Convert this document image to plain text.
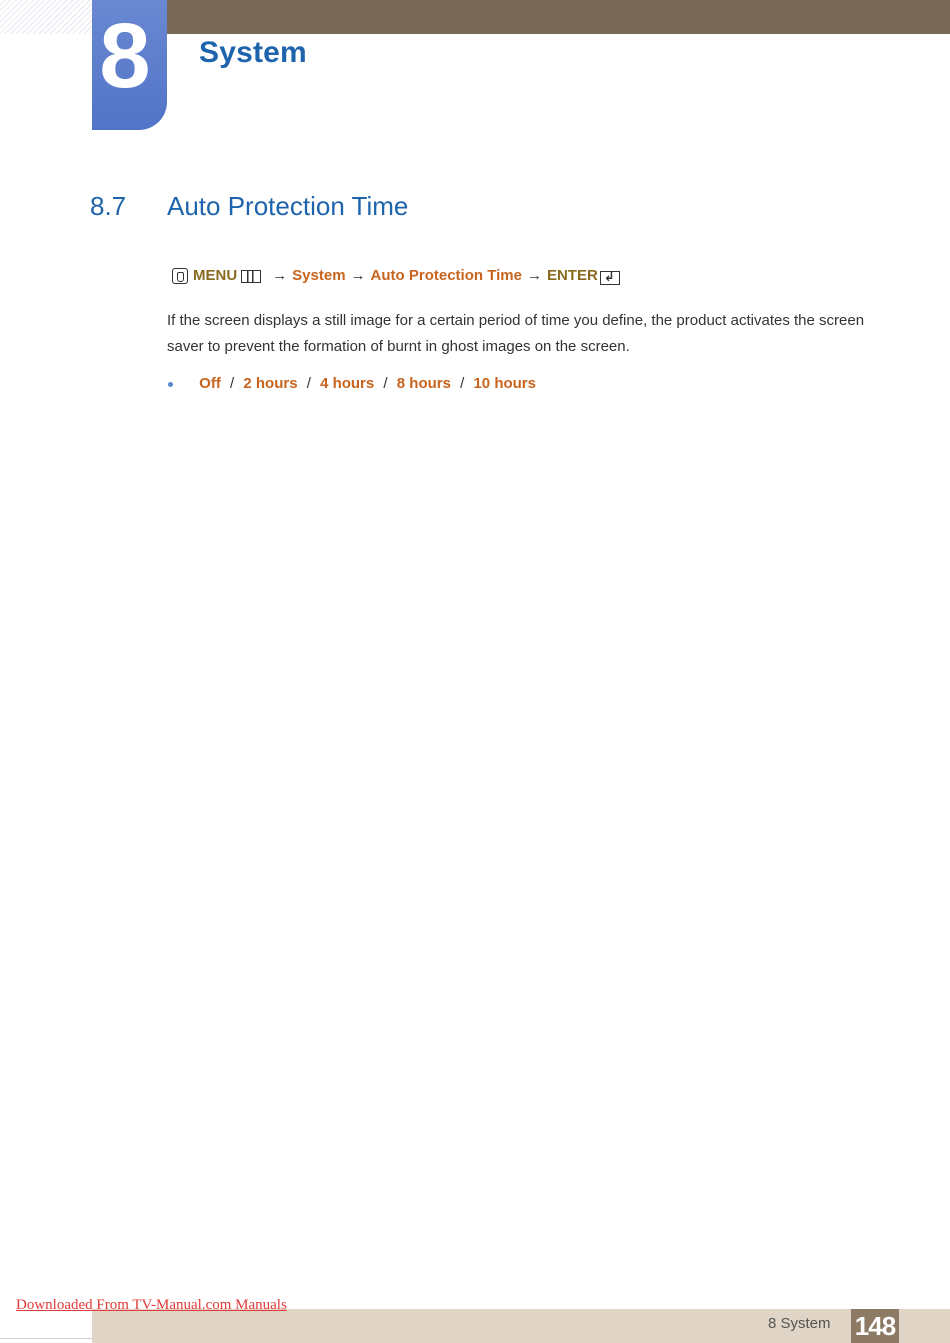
8 System
8.7 Auto Protection Time
MENU → System → Auto Protection Time → ENTER
↲
If the screen displays a still image for a certain period of time you define, the product activates the screen saver to prevent the formation of burnt in ghost images on the screen.
Off / 2 hours / 4 hours / 8 hours / 10 hours
8 System 148
Downloaded From TV-Manual.com Manuals
